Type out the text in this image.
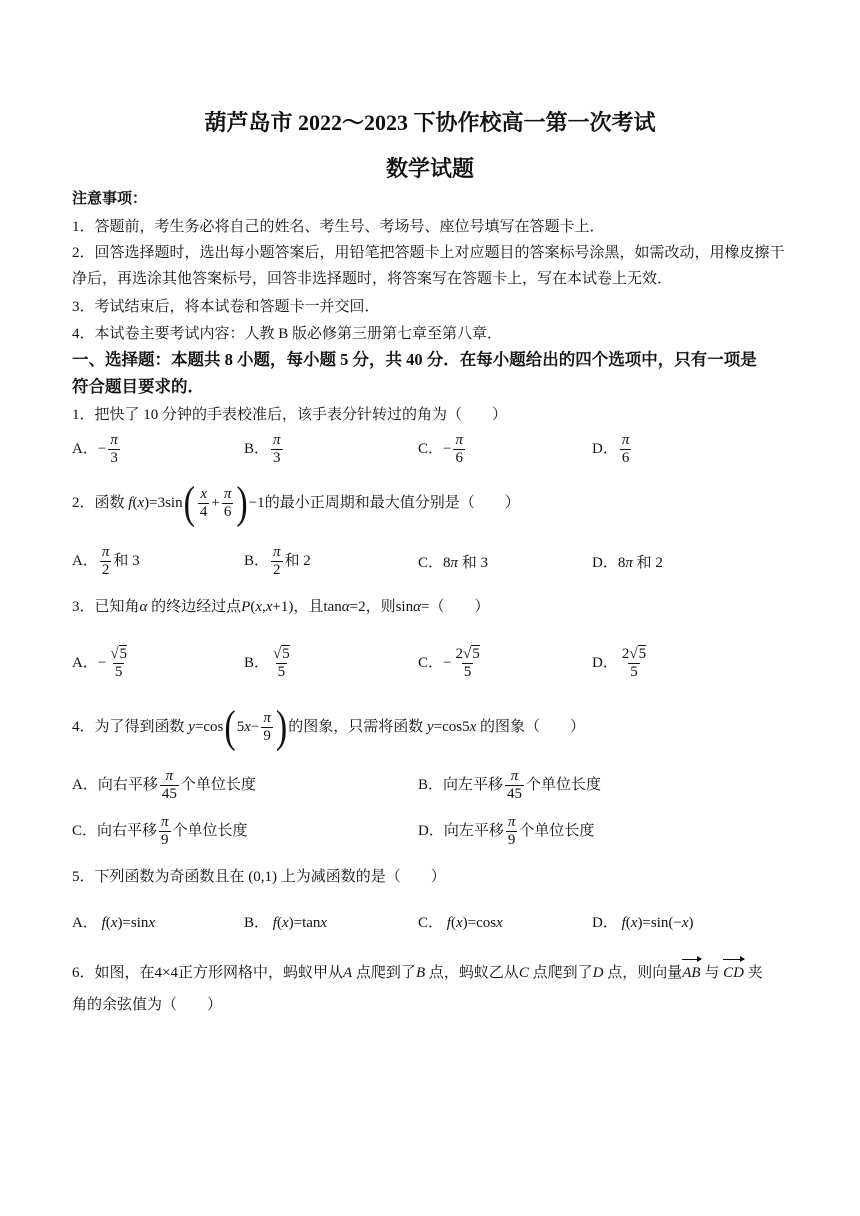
葫芦岛市 2022～2023 下协作校高一第一次考试
数学试题
注意事项：
1．答题前，考生务必将自己的姓名、考生号、考场号、座位号填写在答题卡上．
2．回答选择题时，选出每小题答案后，用铅笔把答题卡上对应题目的答案标号涂黑，如需改动，用橡皮擦干
净后，再选涂其他答案标号，回答非选择题时，将答案写在答题卡上，写在本试卷上无效．
3．考试结束后，将本试卷和答题卡一并交回．
4．本试卷主要考试内容：人教 B 版必修第三册第七章至第八章．
一、选择题：本题共 8 小题，每小题 5 分，共 40 分．在每小题给出的四个选项中，只有一项是
符合题目要求的．
1．把快了 10 分钟的手表校准后，该手表分针转过的角为（　　）
A．− $\frac{\pi}{3}$	B． $\frac{\pi}{3}$	C．− $\frac{\pi}{6}$	D． $\frac{\pi}{6}$
2．函数 $f(x)=3\sin( \frac{x}{4} + \frac{\pi}{6} )-1$的最小正周期和最大值分别是（　　）
A． $\frac{\pi}{2}$ 和 3	B． $\frac{\pi}{2}$ 和 2	C．8π 和 3	D．8π 和 2
3．已知角α 的终边经过点P(x,x+1)，且tanα=2，则sinα=（　　）
A．− $\frac{√5}{5}$	B． $\frac{√5}{5}$	C．− $\frac{2√5}{5}$	D． $\frac{2√5}{5}$
4．为了得到函数 $y=\cos(5x- \frac{\pi}{9}$ )的图象，只需将函数 y=cos5x 的图象（　　）
A．向右平移 $\frac{\pi}{45}$ 个单位长度	B．向左平移 $\frac{\pi}{45}$ 个单位长度
C．向右平移 $\frac{\pi}{9}$ 个单位长度	D．向左平移 $\frac{\pi}{9}$ 个单位长度
5．下列函数为奇函数且在 (0,1) 上为减函数的是（　　）
A． f(x)=sinx	B． f(x)=tanx	C． f(x)=cosx	D． f(x)=sin(−x)
6．如图，在4×4正方形网格中，蚂蚁甲从A 点爬到了B 点，蚂蚁乙从C 点爬到了D 点，则向量AB 与 CD 夹
角的余弦值为（　　）
